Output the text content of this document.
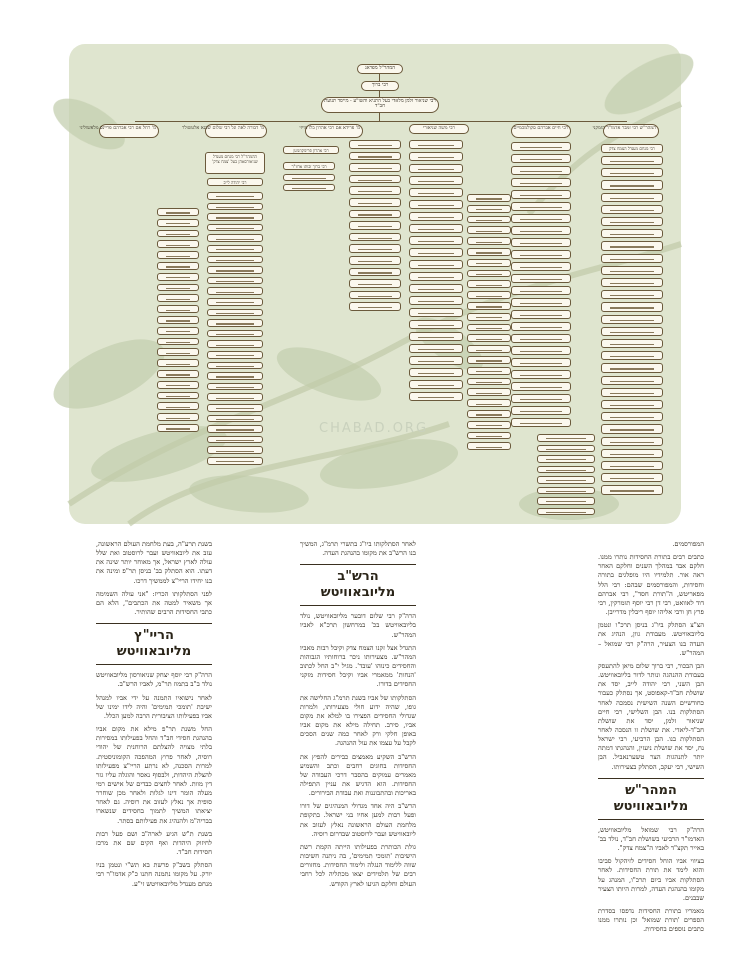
המהר"ל מפראג
רבי ברוך
רבי שניאור זלמן מלאדי בעל התניא והשו"ע - מייסד תנועת חב"ד
המהר"ש רבי זמבר אדמו"ר הזמקני
רבי חיים אברהם סקולמכמיים
רבי משה שניאורי
מ' פרידא אם רבי אהרון בלו מייזי
מ' דבורה לאה וגל רבי שלום שכנא אלטשולר
מ' רחל אם רבי אברהם פריינס מלאשוליגי
רבי מנחם מענדל הצמח צדק
ההמהר"ל רבי מנחם מענדל שניאורסאהן בעל 'צמח צדק'
רבי יהודה לייב
רבי אהרון פרימקוזנוטן
רבי ברוך זכותו אדזו"ר
CHABAD.ORG

המפורסמים.

כתבים רבים בתורת החסידות נותרו ממנו. חלקם אבד במהלך השנים וחלקם האחר ראה אור. תלמידיו היו מופלגים בתורה וחסידות, והמפורסמים שבהם: רבי הלל מפאריטש, ה"תורת חסד", רבי אברהם דוד לאוואט, רבי דן רבי יוסף תומרקין, רבי פרץ חן ורבי אליהו יוסף ריבלין מדרייבן.

הצ"צ הסתלק ביו"ג בניסן תרכ"ו ונטמן בליובאוויטש. מעבודת גוון, הנהיג את העדה בנו הצעיר, הרה"ק רבי שמואל – המהר"ש.

הבן הבכור, רבי ברוך שלום מיאן להתעסק בעבודת ההנהגה ונותר לדור בליובאוויטש. הבן השני, רבי יהודה לייב, יסד את שושלת חב"ד-קאפוסט, אך נסתלק כעבור כחודשיים השנה השישית נסמכה לאחר הסתלקות בנו. הבן השלישי, רבי חיים שניאור זלמן, יסד את שושלת חב"ד-ליאדי. את שושלת זו הנסכה לאחר הסתלקות בנו. הבן הרביעי, רבי ישראל נח, יסד את שושלת ניעזין, והנהגתו דמתה יותר לתנהגות הצר טשערנאביל. הבן השישי, רבי יעקב, הסתלק בצעירותו.

המהר"ש מליובאוויטש

הרה"ק רבי שמואל מליובאוויטש, האדמו"ר הרביעי בשושלת חב"ד, נולד בב' באייר תקצ"ד לאביו ה"צמח צדק".

בציווי אביו הוחל חסידים לזיהקול סביבו והוא לימד את תורת החסידות. לאחר הסתלקות אביו ביום תרכ"ו, המנהג על מקומו בהנהגת העדה, למרות היותו הצעיר שבבנים.

מאמריו בתורת החסידות נדפסו בסדרת הספרים 'תורת שמואל' וכן נותרו ממנו כתבים נוספים בחסידות.

לאחר הסתלקותו ביו"ג בתשרי תרמ"ג, המשיך בנו הרש"ב את מקומו בהנהגת העדה.

הרש"ב מליובאוויטש

הרה"ק רבי שלום דובער מליובאוויטש, נולד בליובאוויטש בכ' במרחשון תרכ"א לאביו המהר"ש.

התגדל אצל זקנו הצמח צדק וקיבל רבות מאביו המהר"ש. מצעירותו ניכר ברוחותיו הגבוהות והחסידים כינוהו 'עובד'. מגיל י"ב החל לכתוב 'הנחות' ממאמרי אביו וקיבל חסידות מזקני החסידים בדורו.

הסתלקותו של אביו בשנת תרמ"ג החלישה את גופו, שהיה ידוע חולי מצעירותו, ולמרות שגדולי החסידים הפצירו בו למלא את מקום אביו, סירב. תחילה מילא את מקום אביו באופן חלקי ורק לאחר כמה שנים הסכים לקבל על עצמו את עול ההנהגה.

הרש"ב השקיע מאמצים כבירים להפיץ את החסידות בחוגים רחבים וכתב והשמיע מאמרים עמוקים בהסבר דרכי העבודה של החסידות. הוא הדגיש את עניין התפילה באריכות ובהתבוננות ואת עבודת הבירורים.

הרש"ב היה אחד מגדולי המנהיגים של דורו ופעל רבות למען אחיו בני ישראל. בתקופת מלחמת העולם הראשונה נאלץ לעזוב את ליובאוויטש ועבר לרוסטוב שבדרום רוסיה.

גולת הכותרת בפעילותו הייתה הקמת רשת הישיבות 'תומכי תמימים', בה ניתנה חשיבות שווה ללימוד הנגלה ולימוד החסידות. מחזורים רבים של תלמידים יצאו מכתליה לכל רחבי העולם וחלקם הגיעו לארץ הקודש.

בשנת תרע"ה, בעת מלחמת העולם הראשונה, עזב את ליובאוויטש ועבר לרוסטוב ואת שלל עולה לארץ ישראל, אך מאוחר יותר שינה את דעתו. הוא הסתלק בב' בניסן תר"פ ומינה את בנו יחידו הריי"צ לממשיך דרכו.

לפני הסתלקותו הכריז: "אני עולה השמימה אך משאיר למטה את הכתבים", הלא הם כתבי החסידות הרבים שהותיר.

הריי"ץ מליובאוויטש

הרה"ק רבי יוסף יצחק שניאורסון מליובאוויטש נולד ב"ב בתמוז תר"מ, לאביו הרש"ב.

לאחר נישואיו התמנה על ידי אביו למנהל ישיבת 'תומכי תמימים' והיה לידו ימינו של אביו בפעילותו הציבורית הרבה למען הכלל.

החל משנת תר"פ מילא את מקום אביו בהנהגת חסידי חב"ד והחל בפעילותו במסירות בלתי מצויה להצלתם הרוחנית של יהודי רוסיה, לאחר פרוץ המהפכה הקומוניסטית. למרות הסכנה, לא נרתע הריי"צ מפעילותו להצלת היהדות, ולבסוף נאסר והוגלה עליו גזר דין מוות. לאחר לחצים כבדים של אישים רמי מעלה הומר דינו לגלות ולאחר מכן שוחרר סופית אך נאלץ לעזוב את רוסיה. גם לאחר יציאתו המשיך לתמוך בחסידים שנשארו בבריה"מ ולהנהיג את פעילותם בסתר.

בשנת ת"ש הגיע לארה"ב ושם פעל רבות לחיזוק היהדות ואף הקים שם את מרכז חסידות חב"ד.

הסתלק בשב"ק פרשת בא תש"י ונטמן בניו יורק. על מקומו נתמנה חתנו כ"ק אדמו"ר רבי מנחם מענדל מליובאוויטש זי"ע.
